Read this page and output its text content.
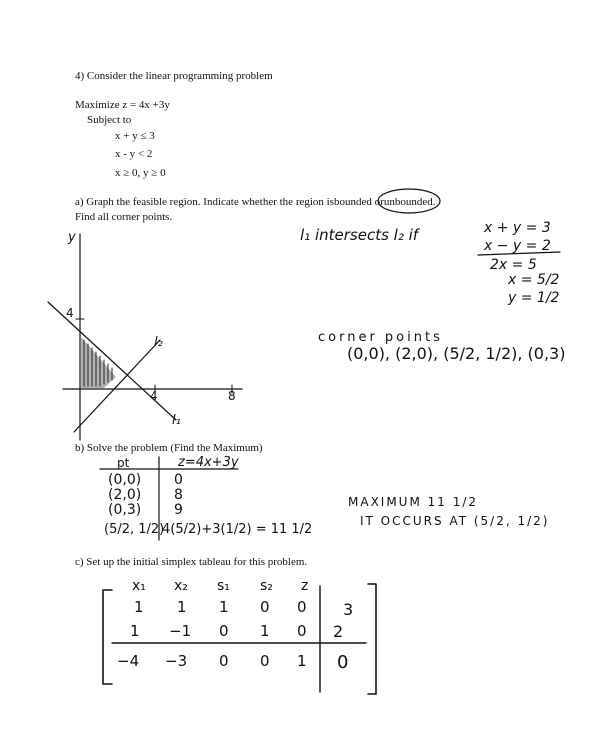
4) Consider the linear programming problem
Maximize z = 4x +3y
Subject to
x + y ≤ 3
x - y < 2
x ≥ 0, y ≥ 0
a) Graph the feasible region. Indicate whether the region isbounded orunbounded.
Find all corner points.
l₁ intersects l₂ if	x + y = 3
x − y = 2
2x = 5
x = 5/2
y = 1/2
corner points
(0,0), (2,0), (5/2, 1/2), (0,3)
y
4
4	8
l₂
l₁
b) Solve the problem (Find the Maximum)
pt	z=4x+3y
(0,0) 0
(2,0) 8
(0,3) 9
(5/2, 1/2)
4(5/2)+3(1/2) = 11 1/2
MAXIMUM 11 1/2
IT OCCURS AT (5/2, 1/2)
c) Set up the initial simplex tableau for this problem.
x₁ x₂ s₁ s₂ z
1 1 1 0 0 3
1 −1 0 1 0 2
−4 −3 0 0 1 0
